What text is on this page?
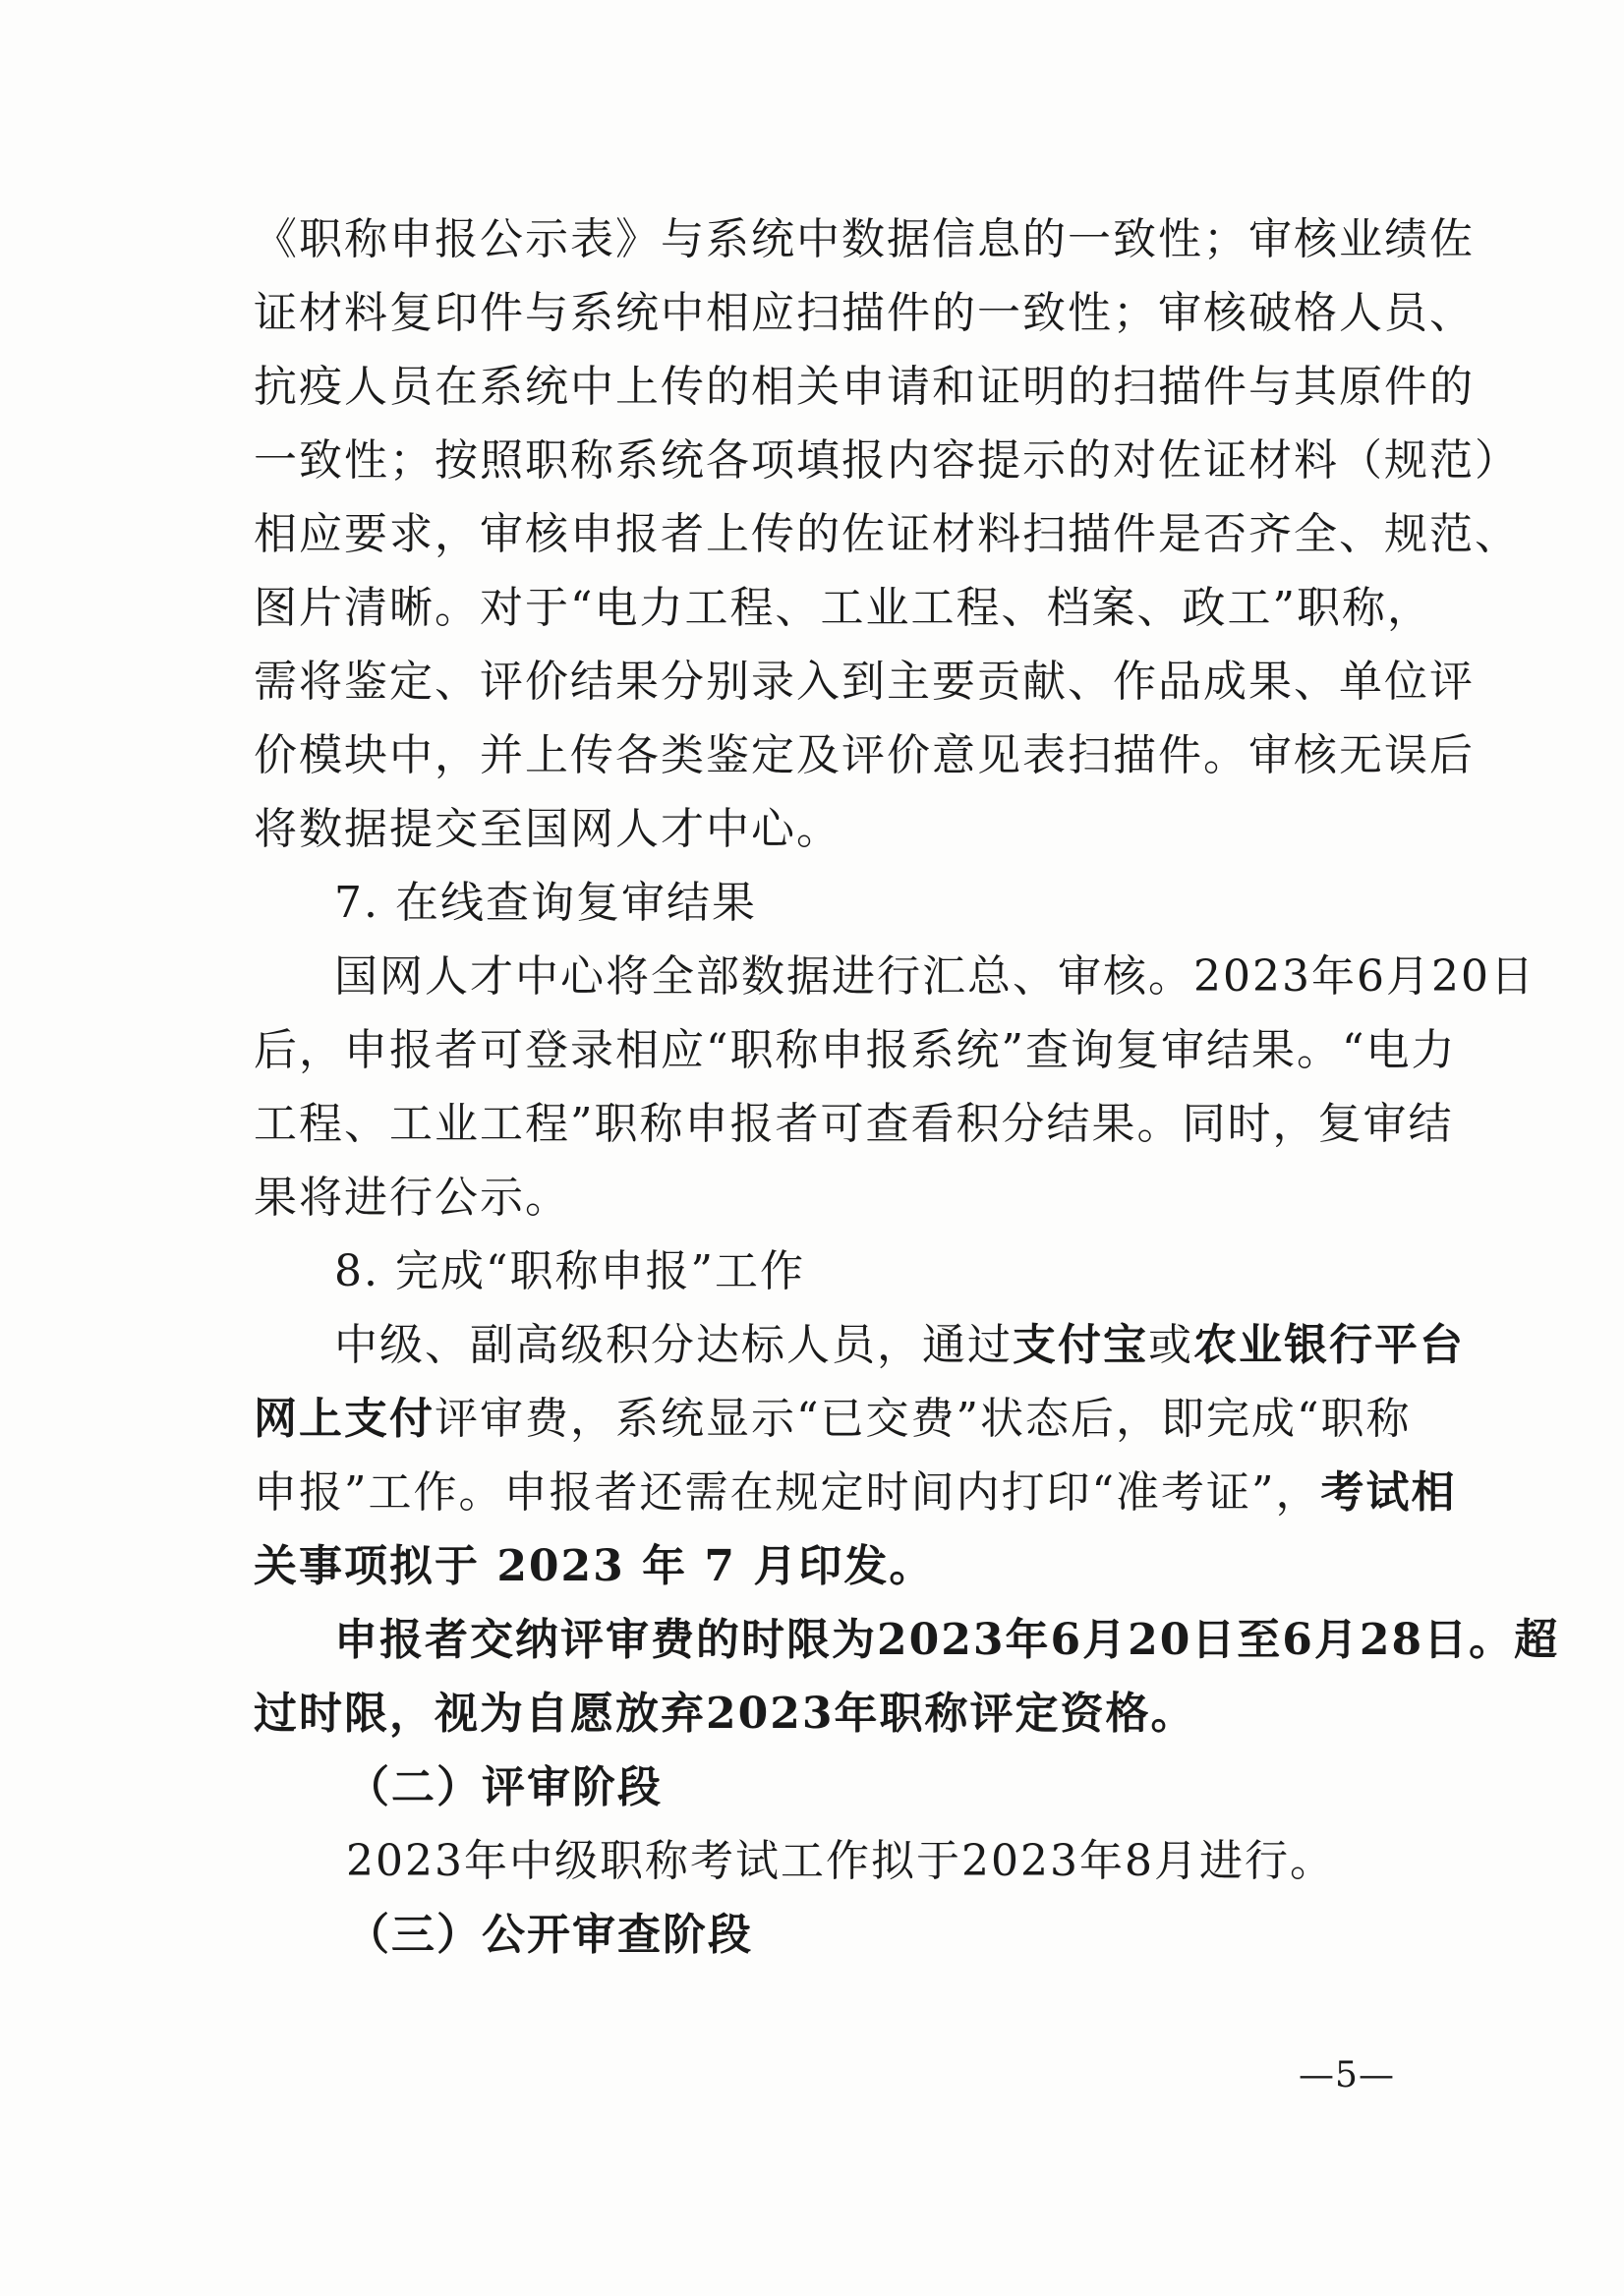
《职称申报公示表》与系统中数据信息的一致性；审核业绩佐
证材料复印件与系统中相应扫描件的一致性；审核破格人员、
抗疫人员在系统中上传的相关申请和证明的扫描件与其原件的
一致性；按照职称系统各项填报内容提示的对佐证材料（规范）
相应要求，审核申报者上传的佐证材料扫描件是否齐全、规范、
图片清晰。对于“电力工程、工业工程、档案、政工”职称，
需将鉴定、评价结果分别录入到主要贡献、作品成果、单位评
价模块中，并上传各类鉴定及评价意见表扫描件。审核无误后
将数据提交至国网人才中心。
7. 在线查询复审结果
国网人才中心将全部数据进行汇总、审核。2023年6月20日
后，申报者可登录相应“职称申报系统”查询复审结果。“电力
工程、工业工程”职称申报者可查看积分结果。同时，复审结
果将进行公示。
8. 完成“职称申报”工作
中级、副高级积分达标人员，通过支付宝或农业银行平台
网上支付评审费，系统显示“已交费”状态后，即完成“职称
申报”工作。申报者还需在规定时间内打印“准考证”，考试相
关事项拟于 2023 年 7 月印发。
申报者交纳评审费的时限为2023年6月20日至6月28日。超
过时限，视为自愿放弃2023年职称评定资格。
（二）评审阶段
2023年中级职称考试工作拟于2023年8月进行。
（三）公开审查阶段
—5—
